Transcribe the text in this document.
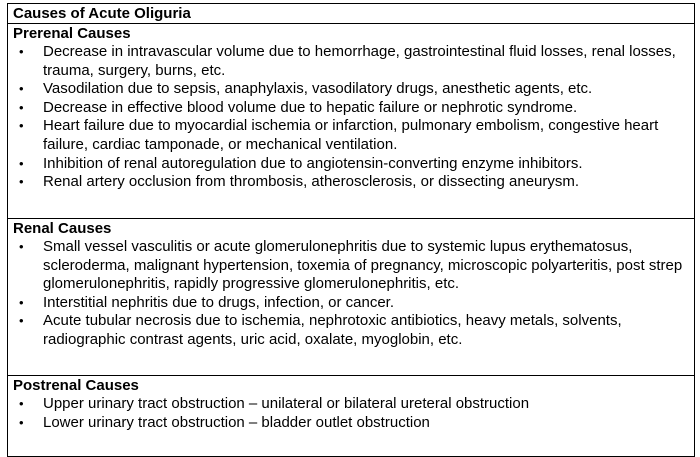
Causes of Acute Oliguria
Prerenal Causes
• Decrease in intravascular volume due to hemorrhage, gastrointestinal fluid losses, renal losses, trauma, surgery, burns, etc.
• Vasodilation due to sepsis, anaphylaxis, vasodilatory drugs, anesthetic agents, etc.
• Decrease in effective blood volume due to hepatic failure or nephrotic syndrome.
• Heart failure due to myocardial ischemia or infarction, pulmonary embolism, congestive heart failure, cardiac tamponade, or mechanical ventilation.
• Inhibition of renal autoregulation due to angiotensin-converting enzyme inhibitors.
• Renal artery occlusion from thrombosis, atherosclerosis, or dissecting aneurysm.
Renal Causes
• Small vessel vasculitis or acute glomerulonephritis due to systemic lupus erythematosus, scleroderma, malignant hypertension, toxemia of pregnancy, microscopic polyarteritis, post strep glomerulonephritis, rapidly progressive glomerulonephritis, etc.
• Interstitial nephritis due to drugs, infection, or cancer.
• Acute tubular necrosis due to ischemia, nephrotoxic antibiotics, heavy metals, solvents, radiographic contrast agents, uric acid, oxalate, myoglobin, etc.
Postrenal Causes
• Upper urinary tract obstruction – unilateral or bilateral ureteral obstruction
• Lower urinary tract obstruction – bladder outlet obstruction
